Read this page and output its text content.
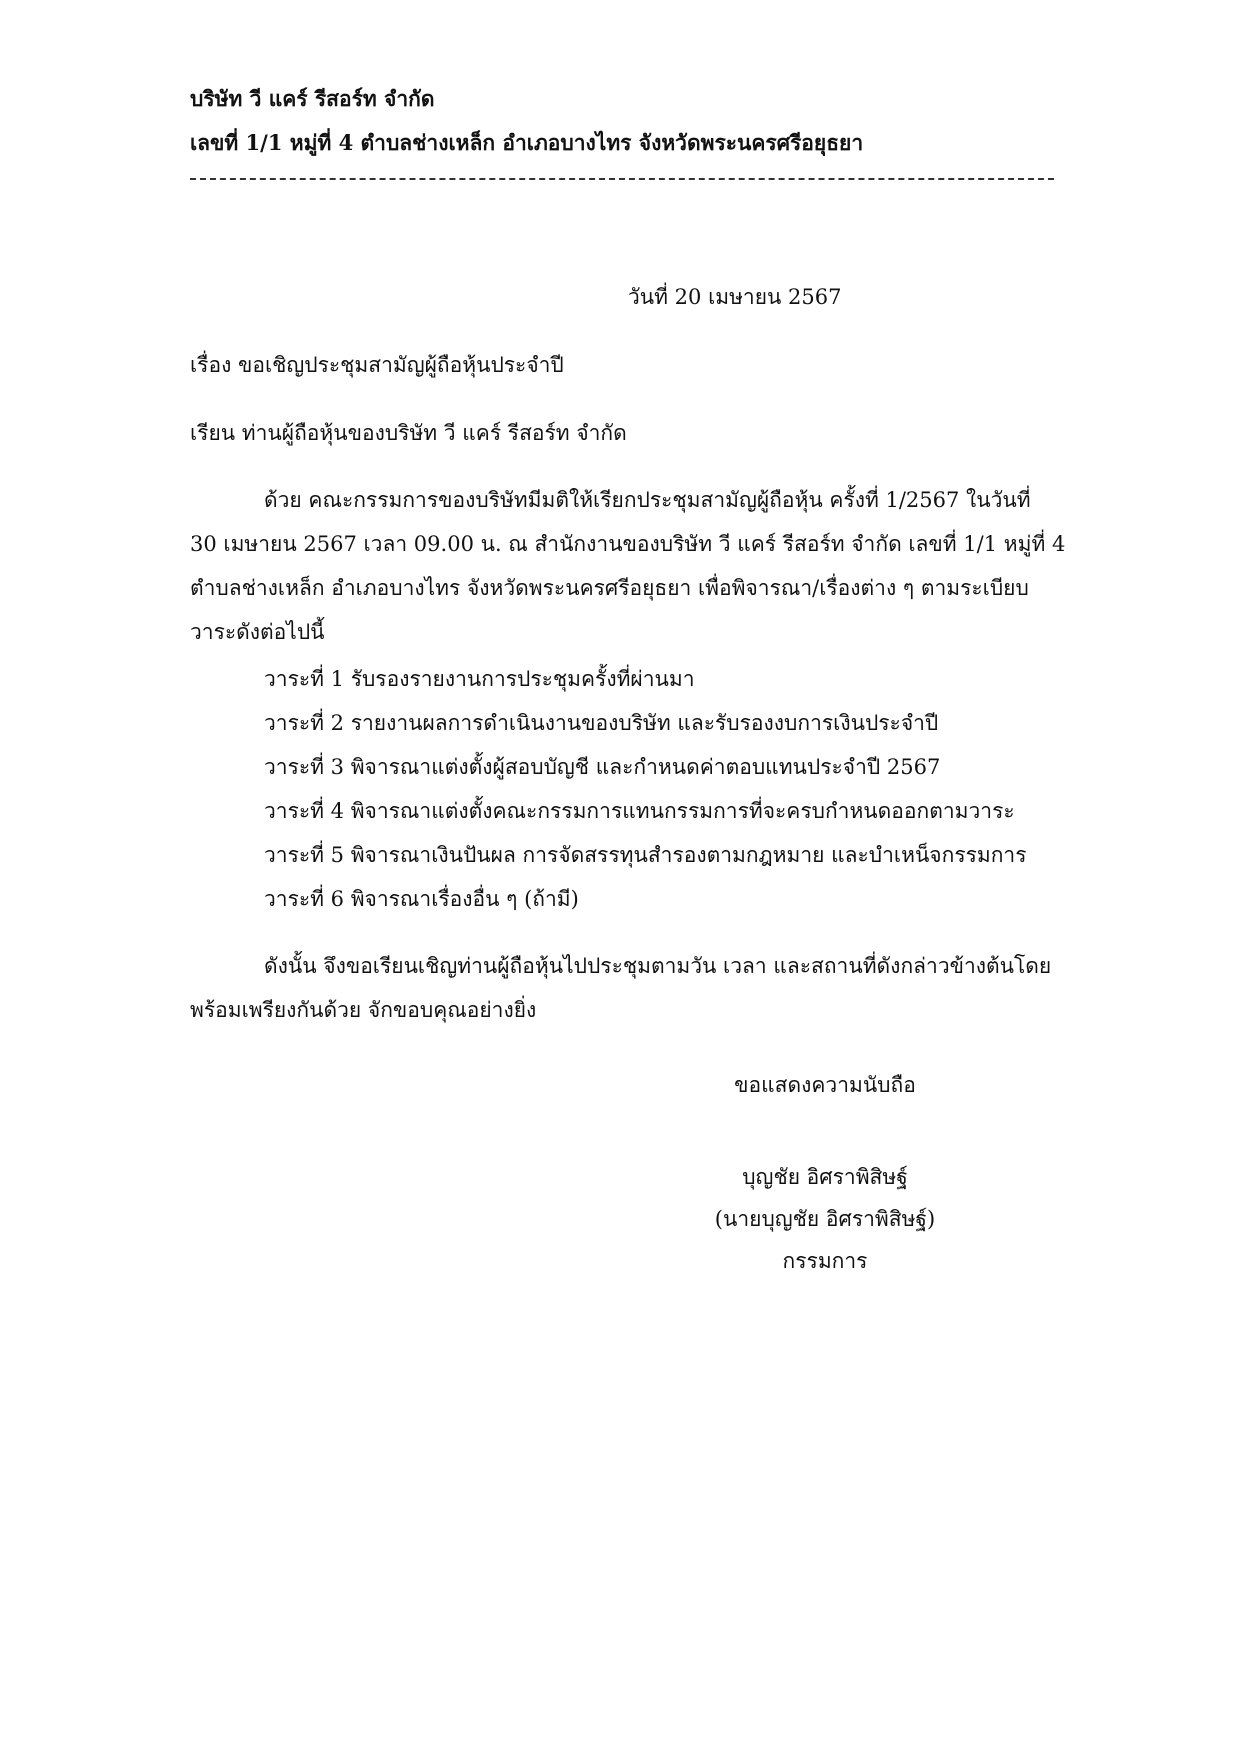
บริษัท วี แคร์ รีสอร์ท จำกัด
เลขที่ 1/1 หมู่ที่ 4 ตำบลช่างเหล็ก อำเภอบางไทร จังหวัดพระนครศรีอยุธยา
วันที่ 20 เมษายน 2567
เรื่อง ขอเชิญประชุมสามัญผู้ถือหุ้นประจำปี
เรียน ท่านผู้ถือหุ้นของบริษัท วี แคร์ รีสอร์ท จำกัด
ด้วย คณะกรรมการของบริษัทมีมติให้เรียกประชุมสามัญผู้ถือหุ้น ครั้งที่ 1/2567 ในวันที่
30 เมษายน 2567 เวลา 09.00 น. ณ สำนักงานของบริษัท วี แคร์ รีสอร์ท จำกัด เลขที่ 1/1 หมู่ที่ 4
ตำบลช่างเหล็ก อำเภอบางไทร จังหวัดพระนครศรีอยุธยา เพื่อพิจารณา/เรื่องต่าง ๆ ตามระเบียบ
วาระดังต่อไปนี้
วาระที่ 1 รับรองรายงานการประชุมครั้งที่ผ่านมา
วาระที่ 2 รายงานผลการดำเนินงานของบริษัท และรับรองงบการเงินประจำปี
วาระที่ 3 พิจารณาแต่งตั้งผู้สอบบัญชี และกำหนดค่าตอบแทนประจำปี 2567
วาระที่ 4 พิจารณาแต่งตั้งคณะกรรมการแทนกรรมการที่จะครบกำหนดออกตามวาระ
วาระที่ 5 พิจารณาเงินปันผล การจัดสรรทุนสำรองตามกฎหมาย และบำเหน็จกรรมการ
วาระที่ 6 พิจารณาเรื่องอื่น ๆ (ถ้ามี)
ดังนั้น จึงขอเรียนเชิญท่านผู้ถือหุ้นไปประชุมตามวัน เวลา และสถานที่ดังกล่าวข้างต้นโดย
พร้อมเพรียงกันด้วย จักขอบคุณอย่างยิ่ง
ขอแสดงความนับถือ
บุญชัย อิศราพิสิษฐ์
(นายบุญชัย อิศราพิสิษฐ์)
กรรมการ
